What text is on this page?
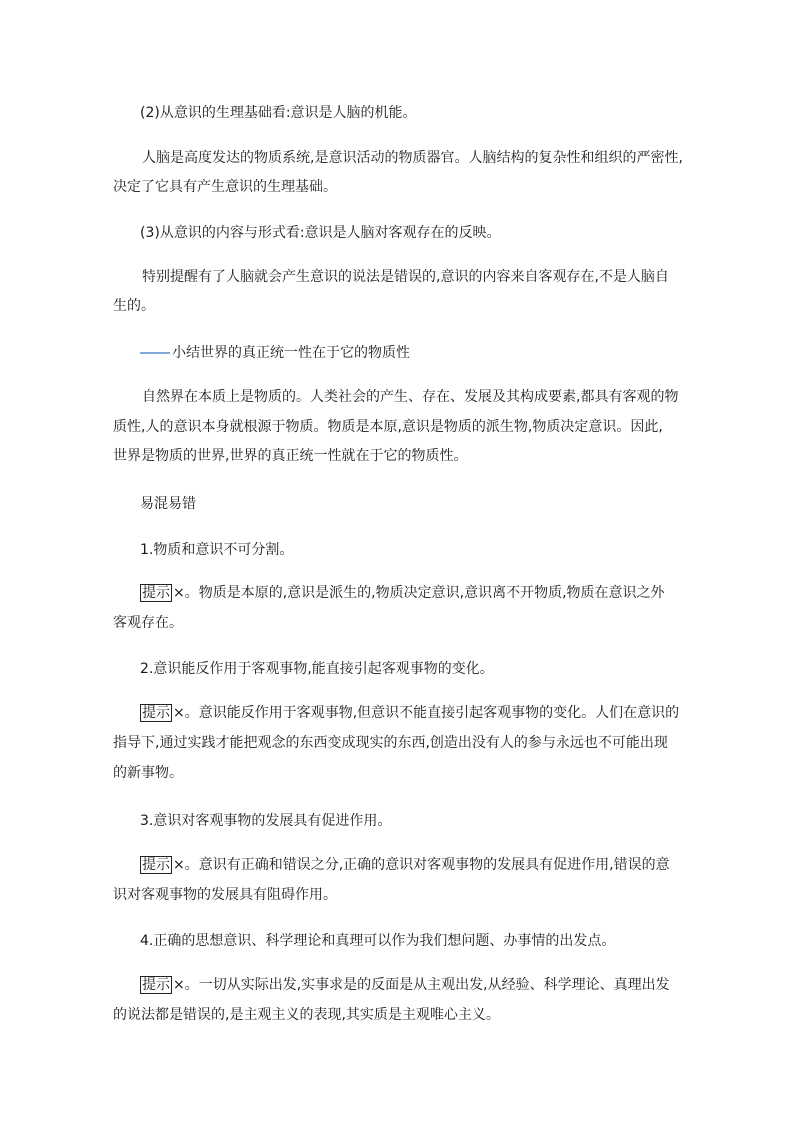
(2)从意识的生理基础看:意识是人脑的机能。
人脑是高度发达的物质系统,是意识活动的物质器官。人脑结构的复杂性和组织的严密性,
决定了它具有产生意识的生理基础。
(3)从意识的内容与形式看:意识是人脑对客观存在的反映。
特别提醒有了人脑就会产生意识的说法是错误的,意识的内容来自客观存在,不是人脑自
生的。
小结世界的真正统一性在于它的物质性
自然界在本质上是物质的。人类社会的产生、存在、发展及其构成要素,都具有客观的物
质性,人的意识本身就根源于物质。物质是本原,意识是物质的派生物,物质决定意识。因此,
世界是物质的世界,世界的真正统一性就在于它的物质性。
易混易错
1.物质和意识不可分割。
提示 ×。物质是本原的,意识是派生的,物质决定意识,意识离不开物质,物质在意识之外
客观存在。
2.意识能反作用于客观事物,能直接引起客观事物的变化。
提示 ×。意识能反作用于客观事物,但意识不能直接引起客观事物的变化。人们在意识的
指导下,通过实践才能把观念的东西变成现实的东西,创造出没有人的参与永远也不可能出现
的新事物。
3.意识对客观事物的发展具有促进作用。
提示 ×。意识有正确和错误之分,正确的意识对客观事物的发展具有促进作用,错误的意
识对客观事物的发展具有阻碍作用。
4.正确的思想意识、科学理论和真理可以作为我们想问题、办事情的出发点。
提示 ×。一切从实际出发,实事求是的反面是从主观出发,从经验、科学理论、真理出发
的说法都是错误的,是主观主义的表现,其实质是主观唯心主义。
